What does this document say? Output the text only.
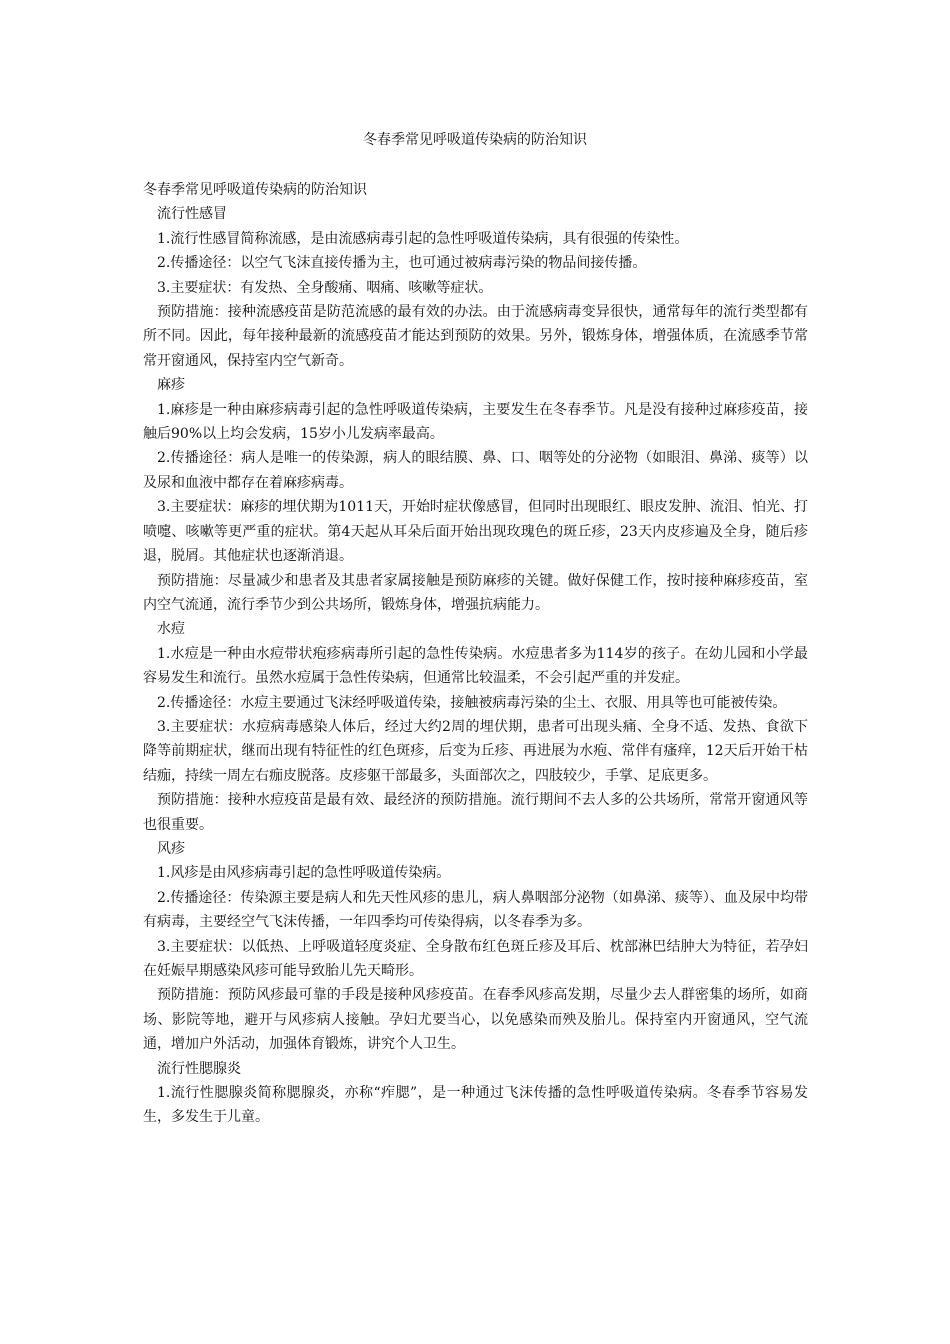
冬春季常见呼吸道传染病的防治知识

冬春季常见呼吸道传染病的防治知识

流行性感冒

1.流行性感冒简称流感，是由流感病毒引起的急性呼吸道传染病，具有很强的传染性。

2.传播途径：以空气飞沫直接传播为主，也可通过被病毒污染的物品间接传播。

3.主要症状：有发热、全身酸痛、咽痛、咳嗽等症状。

预防措施：接种流感疫苗是防范流感的最有效的办法。由于流感病毒变异很快，通常每年的流行类型都有所不同。因此，每年接种最新的流感疫苗才能达到预防的效果。另外，锻炼身体，增强体质，在流感季节常常开窗通风，保持室内空气新奇。

麻疹

1.麻疹是一种由麻疹病毒引起的急性呼吸道传染病，主要发生在冬春季节。凡是没有接种过麻疹疫苗，接触后90%以上均会发病，15岁小儿发病率最高。

2.传播途径：病人是唯一的传染源，病人的眼结膜、鼻、口、咽等处的分泌物（如眼泪、鼻涕、痰等）以及尿和血液中都存在着麻疹病毒。

3.主要症状：麻疹的埋伏期为1011天，开始时症状像感冒，但同时出现眼红、眼皮发肿、流泪、怕光、打喷嚏、咳嗽等更严重的症状。第4天起从耳朵后面开始出现玫瑰色的斑丘疹，23天内皮疹遍及全身，随后疹退，脱屑。其他症状也逐渐消退。

预防措施：尽量减少和患者及其患者家属接触是预防麻疹的关键。做好保健工作，按时接种麻疹疫苗，室内空气流通，流行季节少到公共场所，锻炼身体，增强抗病能力。

水痘

1.水痘是一种由水痘带状疱疹病毒所引起的急性传染病。水痘患者多为114岁的孩子。在幼儿园和小学最容易发生和流行。虽然水痘属于急性传染病，但通常比较温柔，不会引起严重的并发症。

2.传播途径：水痘主要通过飞沫经呼吸道传染，接触被病毒污染的尘土、衣服、用具等也可能被传染。

3.主要症状：水痘病毒感染人体后，经过大约2周的埋伏期，患者可出现头痛、全身不适、发热、食欲下降等前期症状，继而出现有特征性的红色斑疹，后变为丘疹、再进展为水疱、常伴有瘙痒，12天后开始干枯结痂，持续一周左右痂皮脱落。皮疹躯干部最多，头面部次之，四肢较少，手掌、足底更多。

预防措施：接种水痘疫苗是最有效、最经济的预防措施。流行期间不去人多的公共场所，常常开窗通风等也很重要。

风疹

1.风疹是由风疹病毒引起的急性呼吸道传染病。

2.传播途径：传染源主要是病人和先天性风疹的患儿，病人鼻咽部分泌物（如鼻涕、痰等）、血及尿中均带有病毒，主要经空气飞沫传播，一年四季均可传染得病，以冬春季为多。

3.主要症状：以低热、上呼吸道轻度炎症、全身散布红色斑丘疹及耳后、枕部淋巴结肿大为特征，若孕妇在妊娠早期感染风疹可能导致胎儿先天畸形。

预防措施：预防风疹最可靠的手段是接种风疹疫苗。在春季风疹高发期，尽量少去人群密集的场所，如商场、影院等地，避开与风疹病人接触。孕妇尤要当心，以免感染而殃及胎儿。保持室内开窗通风，空气流通，增加户外活动，加强体育锻炼，讲究个人卫生。

流行性腮腺炎

1.流行性腮腺炎简称腮腺炎，亦称“痄腮”，是一种通过飞沫传播的急性呼吸道传染病。冬春季节容易发生，多发生于儿童。
